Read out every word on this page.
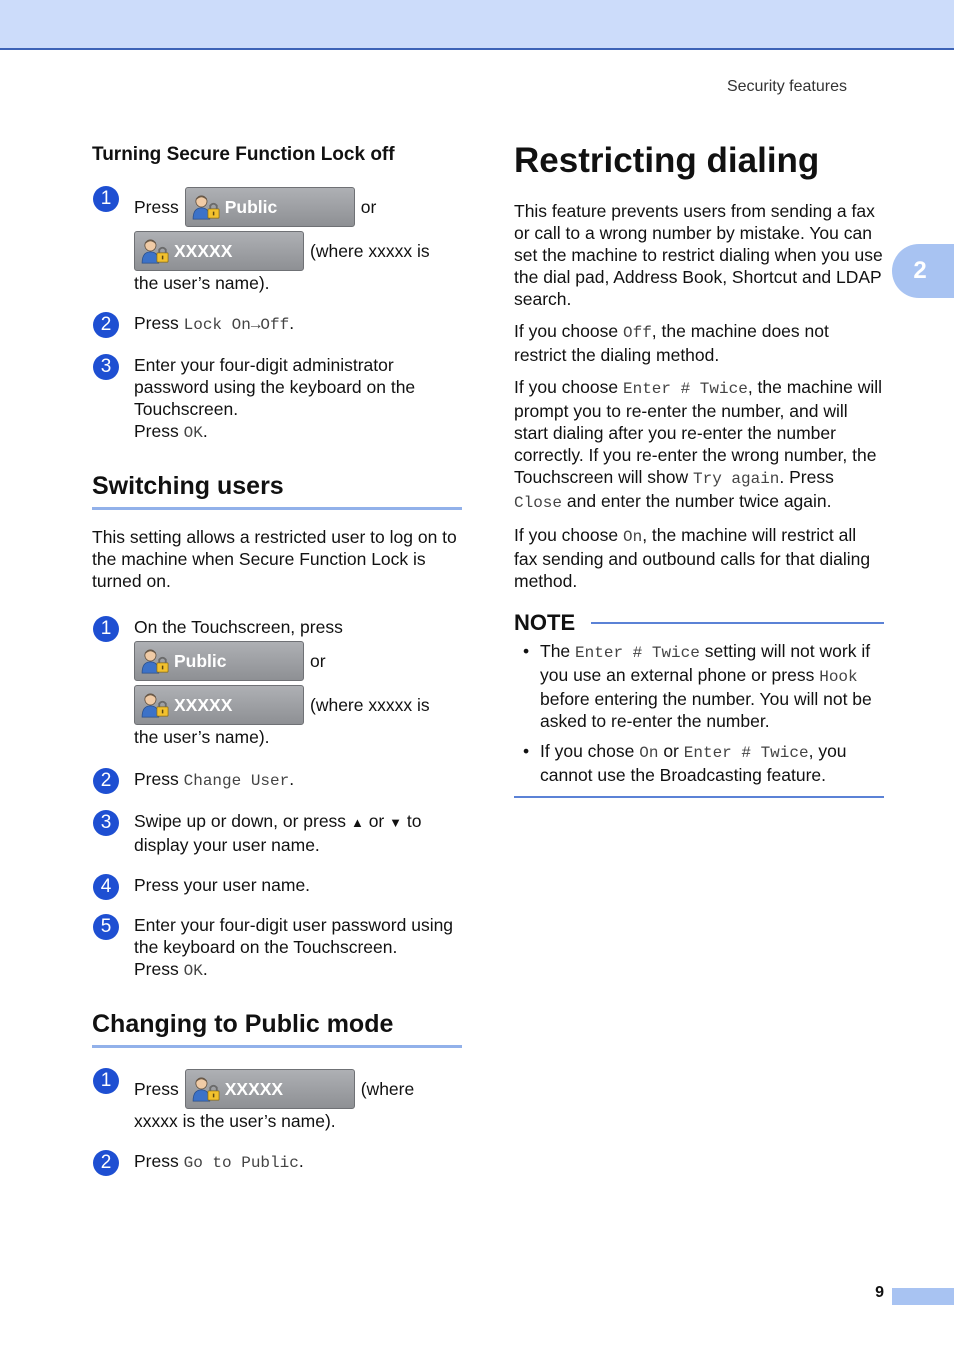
Security features
2
9
Turning Secure Function Lock off
1	Press	Public	or
XXXXX	(where xxxxx is
the user’s name).
2	Press Lock On→Off.
3	Enter your four-digit administrator password using the keyboard on the Touchscreen.
Press OK.
Switching users
This setting allows a restricted user to log on to the machine when Secure Function Lock is turned on.
1	On the Touchscreen, press
Public	or
XXXXX	(where xxxxx is
the user’s name).
2	Press Change User.
3	Swipe up or down, or press ▲ or ▼ to display your user name.
4	Press your user name.
5	Enter your four-digit user password using the keyboard on the Touchscreen.
Press OK.
Changing to Public mode
1	Press	XXXXX	(where
xxxxx is the user’s name).
2	Press Go to Public.
Restricting dialing
This feature prevents users from sending a fax or call to a wrong number by mistake. You can set the machine to restrict dialing when you use the dial pad, Address Book, Shortcut and LDAP search.
If you choose Off, the machine does not restrict the dialing method.
If you choose Enter # Twice, the machine will prompt you to re-enter the number, and will start dialing after you re-enter the number correctly. If you re-enter the wrong number, the Touchscreen will show Try again. Press Close and enter the number twice again.
If you choose On, the machine will restrict all fax sending and outbound calls for that dialing method.
NOTE
• The Enter # Twice setting will not work if you use an external phone or press Hook before entering the number. You will not be asked to re-enter the number.
• If you chose On or Enter # Twice, you cannot use the Broadcasting feature.
